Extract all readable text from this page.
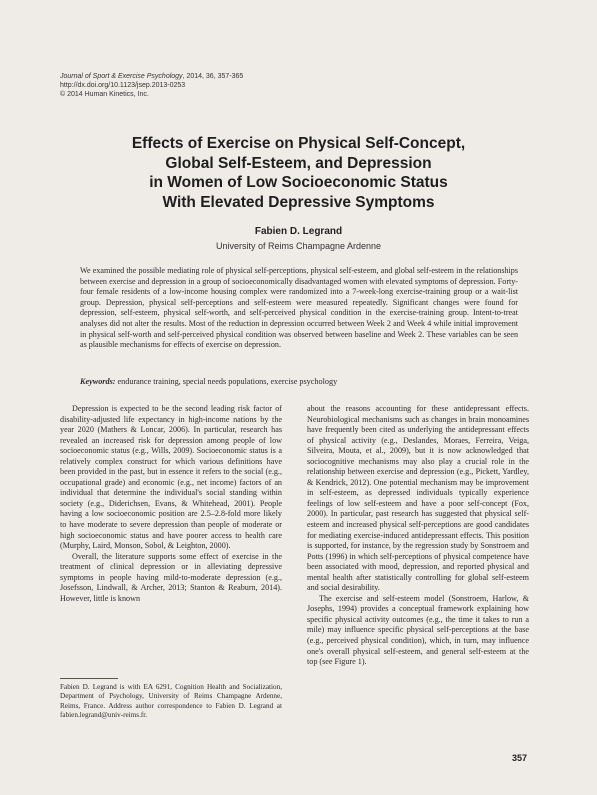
Journal of Sport & Exercise Psychology, 2014, 36, 357-365
http://dx.doi.org/10.1123/jsep.2013-0253
© 2014 Human Kinetics, Inc.
Effects of Exercise on Physical Self-Concept,
Global Self-Esteem, and Depression
in Women of Low Socioeconomic Status
With Elevated Depressive Symptoms
Fabien D. Legrand
University of Reims Champagne Ardenne

We examined the possible mediating role of physical self-perceptions, physical self-esteem, and global self-esteem in the relationships between exercise and depression in a group of socioeconomically disadvantaged women with elevated symptoms of depression. Forty-four female residents of a low-income housing complex were randomized into a 7-week-long exercise-training group or a wait-list group. Depression, physical self-perceptions and self-esteem were measured repeatedly. Significant changes were found for depression, self-esteem, physical self-worth, and self-perceived physical condition in the exercise-training group. Intent-to-treat analyses did not alter the results. Most of the reduction in depression occurred between Week 2 and Week 4 while initial improvement in physical self-worth and self-perceived physical condition was observed between baseline and Week 2. These variables can be seen as plausible mechanisms for effects of exercise on depression.

Keywords: endurance training, special needs populations, exercise psychology

Depression is expected to be the second leading risk factor of disability-adjusted life expectancy in high-income nations by the year 2020 (Mathers & Loncar, 2006). In particular, research has revealed an increased risk for depression among people of low socioeconomic status (e.g., Wills, 2009). Socioeconomic status is a relatively complex construct for which various definitions have been provided in the past, but in essence it refers to the social (e.g., occupational grade) and economic (e.g., net income) factors of an individual that determine the individual's social standing within society (e.g., Diderichsen, Evans, & Whitehead, 2001). People having a low socioeconomic position are 2.5–2.8-fold more likely to have moderate to severe depression than people of moderate or high socioeconomic status and have poorer access to health care (Murphy, Laird, Monson, Sobol, & Leighton, 2000).

Overall, the literature supports some effect of exercise in the treatment of clinical depression or in alleviating depressive symptoms in people having mild-to-moderate depression (e.g., Josefsson, Lindwall, & Archer, 2013; Stanton & Reaburn, 2014). However, little is known

about the reasons accounting for these antidepressant effects. Neurobiological mechanisms such as changes in brain monoamines have frequently been cited as underlying the antidepressant effects of physical activity (e.g., Deslandes, Moraes, Ferreira, Veiga, Silveira, Mouta, et al., 2009), but it is now acknowledged that sociocognitive mechanisms may also play a crucial role in the relationship between exercise and depression (e.g., Pickett, Yardley, & Kendrick, 2012). One potential mechanism may be improvement in self-esteem, as depressed individuals typically experience feelings of low self-esteem and have a poor self-concept (Fox, 2000). In particular, past research has suggested that physical self-esteem and increased physical self-perceptions are good candidates for mediating exercise-induced antidepressant effects. This position is supported, for instance, by the regression study by Sonstroem and Potts (1996) in which self-perceptions of physical competence have been associated with mood, depression, and reported physical and mental health after statistically controlling for global self-esteem and social desirability.

The exercise and self-esteem model (Sonstroem, Harlow, & Josephs, 1994) provides a conceptual framework explaining how specific physical activity outcomes (e.g., the time it takes to run a mile) may influence specific physical self-perceptions at the base (e.g., perceived physical condition), which, in turn, may influence one's overall physical self-esteem, and general self-esteem at the top (see Figure 1).

Fabien D. Legrand is with EA 6291, Cognition Health and Socialization, Department of Psychology, University of Reims Champagne Ardenne, Reims, France. Address author correspondence to Fabien D. Legrand at fabien.legrand@univ-reims.fr.

357
